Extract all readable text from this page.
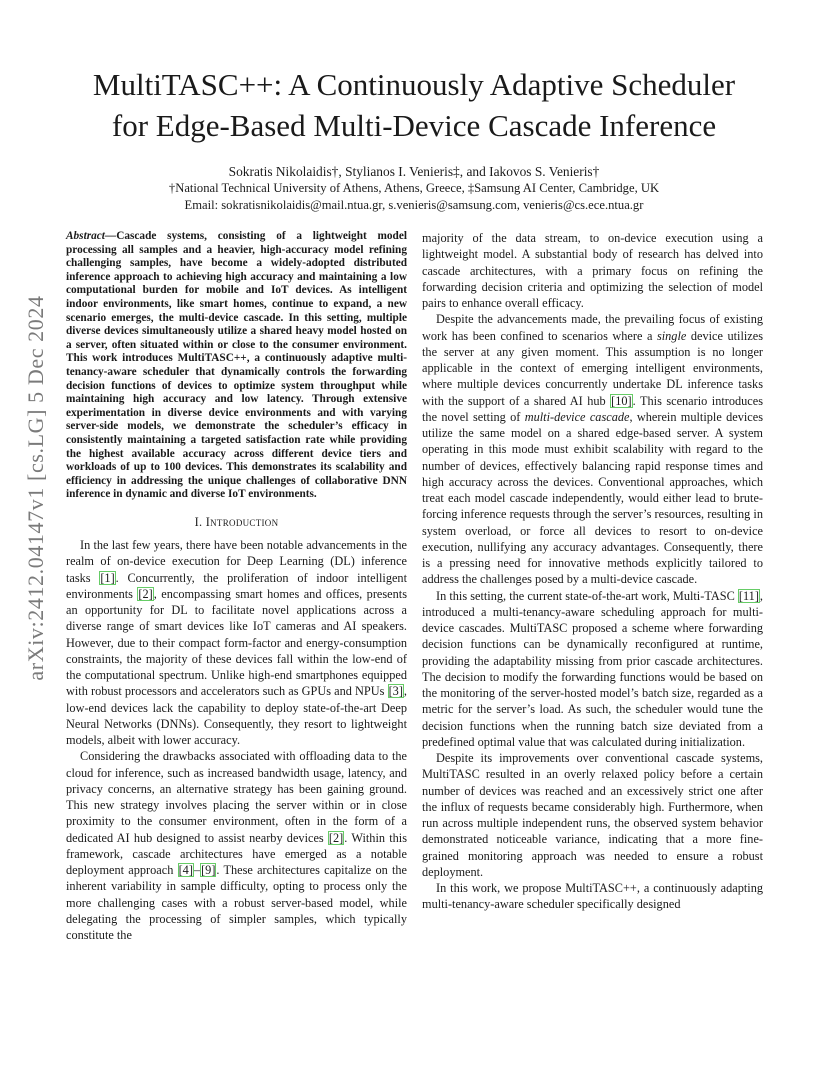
arXiv:2412.04147v1 [cs.LG] 5 Dec 2024
MultiTASC++: A Continuously Adaptive Scheduler
for Edge-Based Multi-Device Cascade Inference
Sokratis Nikolaidis†, Stylianos I. Venieris‡, and Iakovos S. Venieris†
†National Technical University of Athens, Athens, Greece, ‡Samsung AI Center, Cambridge, UK
Email: sokratisnikolaidis@mail.ntua.gr, s.venieris@samsung.com, venieris@cs.ece.ntua.gr

Abstract—Cascade systems, consisting of a lightweight model processing all samples and a heavier, high-accuracy model refining challenging samples, have become a widely-adopted distributed inference approach to achieving high accuracy and maintaining a low computational burden for mobile and IoT devices. As intelligent indoor environments, like smart homes, continue to expand, a new scenario emerges, the multi-device cascade. In this setting, multiple diverse devices simultaneously utilize a shared heavy model hosted on a server, often situated within or close to the consumer environment. This work introduces MultiTASC++, a continuously adaptive multi-tenancy-aware scheduler that dynamically controls the forwarding decision functions of devices to optimize system throughput while maintaining high accuracy and low latency. Through extensive experimentation in diverse device environments and with varying server-side models, we demonstrate the scheduler’s efficacy in consistently maintaining a targeted satisfaction rate while providing the highest available accuracy across different device tiers and workloads of up to 100 devices. This demonstrates its scalability and efficiency in addressing the unique challenges of collaborative DNN inference in dynamic and diverse IoT environments.

I. Introduction

In the last few years, there have been notable advancements in the realm of on-device execution for Deep Learning (DL) inference tasks [1]. Concurrently, the proliferation of indoor intelligent environments [2], encompassing smart homes and offices, presents an opportunity for DL to facilitate novel applications across a diverse range of smart devices like IoT cameras and AI speakers. However, due to their compact form-factor and energy-consumption constraints, the majority of these devices fall within the low-end of the computational spectrum. Unlike high-end smartphones equipped with robust processors and accelerators such as GPUs and NPUs [3], low-end devices lack the capability to deploy state-of-the-art Deep Neural Networks (DNNs). Consequently, they resort to lightweight models, albeit with lower accuracy.

Considering the drawbacks associated with offloading data to the cloud for inference, such as increased bandwidth usage, latency, and privacy concerns, an alternative strategy has been gaining ground. This new strategy involves placing the server within or in close proximity to the consumer environment, often in the form of a dedicated AI hub designed to assist nearby devices [2]. Within this framework, cascade architectures have emerged as a notable deployment approach [4]–[9]. These architectures capitalize on the inherent variability in sample difficulty, opting to process only the more challenging cases with a robust server-based model, while delegating the processing of simpler samples, which typically constitute the

majority of the data stream, to on-device execution using a lightweight model. A substantial body of research has delved into cascade architectures, with a primary focus on refining the forwarding decision criteria and optimizing the selection of model pairs to enhance overall efficacy.

Despite the advancements made, the prevailing focus of existing work has been confined to scenarios where a single device utilizes the server at any given moment. This assumption is no longer applicable in the context of emerging intelligent environments, where multiple devices concurrently undertake DL inference tasks with the support of a shared AI hub [10]. This scenario introduces the novel setting of multi-device cascade, wherein multiple devices utilize the same model on a shared edge-based server. A system operating in this mode must exhibit scalability with regard to the number of devices, effectively balancing rapid response times and high accuracy across the devices. Conventional approaches, which treat each model cascade independently, would either lead to brute-forcing inference requests through the server’s resources, resulting in system overload, or force all devices to resort to on-device execution, nullifying any accuracy advantages. Consequently, there is a pressing need for innovative methods explicitly tailored to address the challenges posed by a multi-device cascade.

In this setting, the current state-of-the-art work, Multi-TASC [11], introduced a multi-tenancy-aware scheduling approach for multi-device cascades. MultiTASC proposed a scheme where forwarding decision functions can be dynamically reconfigured at runtime, providing the adaptability missing from prior cascade architectures. The decision to modify the forwarding functions would be based on the monitoring of the server-hosted model’s batch size, regarded as a metric for the server’s load. As such, the scheduler would tune the decision functions when the running batch size deviated from a predefined optimal value that was calculated during initialization.

Despite its improvements over conventional cascade systems, MultiTASC resulted in an overly relaxed policy before a certain number of devices was reached and an excessively strict one after the influx of requests became considerably high. Furthermore, when run across multiple independent runs, the observed system behavior demonstrated noticeable variance, indicating that a more fine-grained monitoring approach was needed to ensure a robust deployment.

In this work, we propose MultiTASC++, a continuously adapting multi-tenancy-aware scheduler specifically designed
